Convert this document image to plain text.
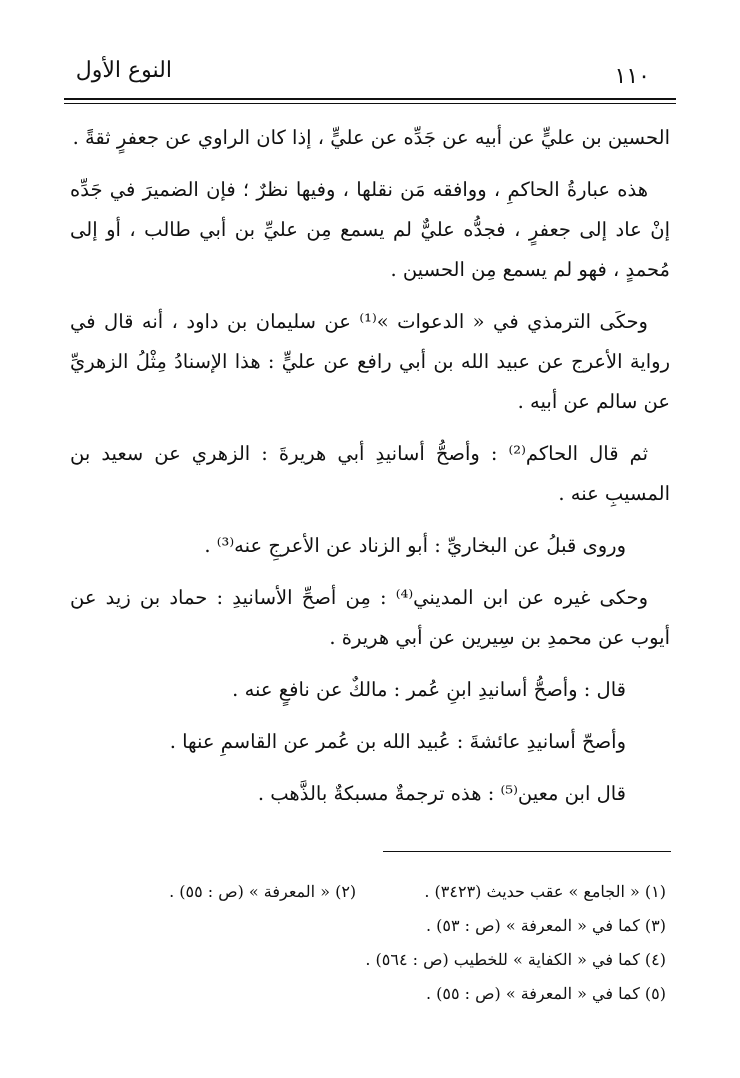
النوع الأول	١١٠

الحسين بن عليٍّ عن أبيه عن جَدِّه عن عليٍّ ، إذا كان الراوي عن جعفرٍ ثقةً .

هذه عبارةُ الحاكمِ ، ووافقه مَن نقلها ، وفيها نظرٌ ؛ فإن الضميرَ في جَدِّه إنْ عاد إلى جعفرٍ ، فجدُّه عليٌّ لم يسمع مِن عليِّ بن أبي طالب ، أو إلى مُحمدٍ ، فهو لم يسمع مِن الحسين .

وحكَى الترمذي في « الدعوات »⁽¹⁾ عن سليمان بن داود ، أنه قال في رواية الأعرج عن عبيد الله بن أبي رافع عن عليٍّ : هذا الإسنادُ مِثْلُ الزهريِّ عن سالم عن أبيه .

ثم قال الحاكم⁽²⁾ : وأصحُّ أسانيدِ أبي هريرةَ : الزهري عن سعيد بن المسيبِ عنه .

وروى قبلُ عن البخاريِّ : أبو الزناد عن الأعرجِ عنه⁽³⁾ .

وحكى غيره عن ابن المديني⁽⁴⁾ : مِن أصحِّ الأسانيدِ : حماد بن زيد عن أيوب عن محمدِ بن سِيرين عن أبي هريرة .

قال : وأصحُّ أسانيدِ ابنِ عُمر : مالكٌ عن نافعٍ عنه .

وأصحّ أسانيدِ عائشةَ : عُبيد الله بن عُمر عن القاسمِ عنها .

قال ابن معين⁽⁵⁾ : هذه ترجمةٌ مسبكةٌ بالذَّهب .

(١) « الجامع » عقب حديث (٣٤٢٣) .  (٢) « المعرفة » (ص : ٥٥) .
(٣) كما في « المعرفة » (ص : ٥٣) .
(٤) كما في « الكفاية » للخطيب (ص : ٥٦٤) .
(٥) كما في « المعرفة » (ص : ٥٥) .
